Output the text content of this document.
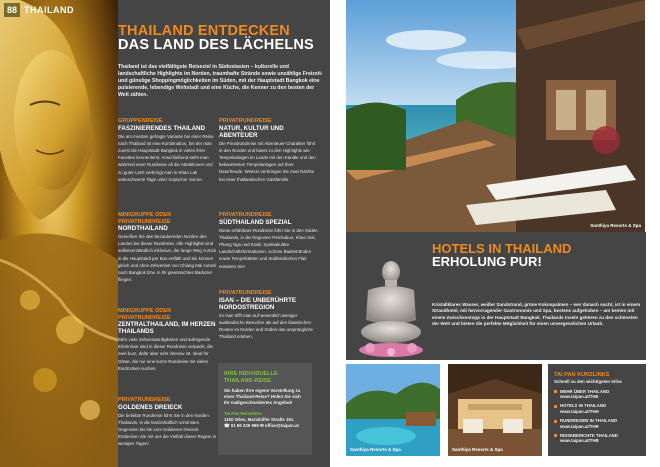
88 THAILAND
THAILAND ENTDECKEN
DAS LAND DES LÄCHELNS
Thailand ist das vielfältigste Reiseziel in Südostasien – kulturelle und landschaftliche Highlights im Norden, traumhafte Strände sowie unzählige Freizeit- und günstige Shoppingmöglichkeiten im Süden, mit der Hauptstadt Bangkok eine pulsierende, lebendige Weltstadt und eine Küche, die Kenner zu den besten der Welt zählen.
GRUPPENREISE
FASZINIERENDES THAILAND
Die am meisten gefragte Variante bei einer Reise nach Thailand ist eine Kombination, bei der man zuerst die Hauptstadt Bangkok in vielen ihrer Facetten kennenlernt. Anschließend steht man während einer Rundreise all die Attraktionen und zu guter Letzt verbringt man in Khao Lak unbeschwerte Tage unter tropischer Sonne.
MINIGRUPPE ODER PRIVATRUNDREISE
NORDTHAILAND
Genießen Sie den bezaubernden Norden des Landes bei dieser Rundreise. Alle Highlights sind selbstverständlich inklusive, der lange Weg zurück in die Hauptstadt per Bus entfällt und Sie können gleich und ohne Zeitverlust von Chiang Mai zurück nach Bangkok bzw. in Ihr gewünschtes Badeziel fliegen.
MINIGRUPPE ODER PRIVATRUNDREISE
ZENTRALTHAILAND, IM HERZEN THAILANDS
Sehr viele Sehenswürdigkeiten und aufregende Erlebnisse sind in dieser Rundreise verpackt, die zwei kurz, dafür aber sehr intensiv ist. Ideal für Gäste, die nur eine kurze Rundreise mit vielen Eindrücken suchen.
PRIVATRUNDREISE
GOLDENES DREIECK
Die beliebte Rundreise führt Sie in den Norden Thailands, in die landschaftlich schönsten Gegenden bis hin zum Goldenen Dreieck. Entdecken Sie mit uns die Vielfalt dieser Region in wenigen Tagen!
PRIVATRUNDREISE
NATUR, KULTUR UND ABENTEUER
Die Privatrundreise mit Abenteuer-Charakter führt in den Norden und bietet zu den Highlights wie Tempelanlagen im Lande mit den Kanäle und den bekanntesten Tempelanlagen auf Ihrer Naturfreude. Weiters verbringen Sie zwei Nächte bei einer thailändischen Gastfamilie.
PRIVATRUNDREISE
SÜDTHAILAND SPEZIAL
Diese erfahrbare Rundreise führt Sie in den Süden Thailands, in die Regionen Petchaburi, Khao Sok, Phang Nga und Krabi. Spektakuläre Landschaftsformationen, schöne Badestränden sowie Tempelstätten und Südländisches Flair erwarten Sie!
PRIVATRUNDREISE
ISAN – DIE UNBERÜHRTE NORDOSTREGION
Im Isan trifft man auf wesentlich weniger ausländische Besucher als auf den klassischen Routen im Norden und Süden das ursprüngliche Thailand erleben.
IHRE INDIVIDUELLE THAILAND-REISE
Sie haben Ihre eigene Vorstellung zu einer Thailand-Reise? Holen Sie sich Ihr maßgeschneidertes Angebot!
Tai Pan Reisebüro
1150 Wien, Mariahilfer Straße 191
☎ 01 96 229 999 ✉ office@taipan.at
Santhiya Resorts & Spa
HOTELS IN THAILAND
ERHOLUNG PUR!
Kristallklares Wasser, weißer Sandstrand, grüne Kokospalmen – wer danach sucht, ist in einem Strandhotel, mit hervorragender Gastronomie und Spa, bestens aufgehoben – am besten mit einem Zwischenstopp in der Hauptstadt Bangkok. Thailands Inseln gehören zu den schönsten der Welt und bieten die perfekte Möglichkeit für einen unvergesslichen Urlaub.
Santhiya Resorts & Spa	Santhiya Resorts & Spa
TAI PAN KURZLINKS
Schnell zu den wichtigsten Infos
MEHR ÜBER THAILAND
www.taipan.at/THE
HOTELS IN THAILAND
www.taipan.at/THH
RUNDREISEN IN THAILAND
www.taipan.at/THR
REISEBERICHTE THAILAND
www.taipan.at/THB
